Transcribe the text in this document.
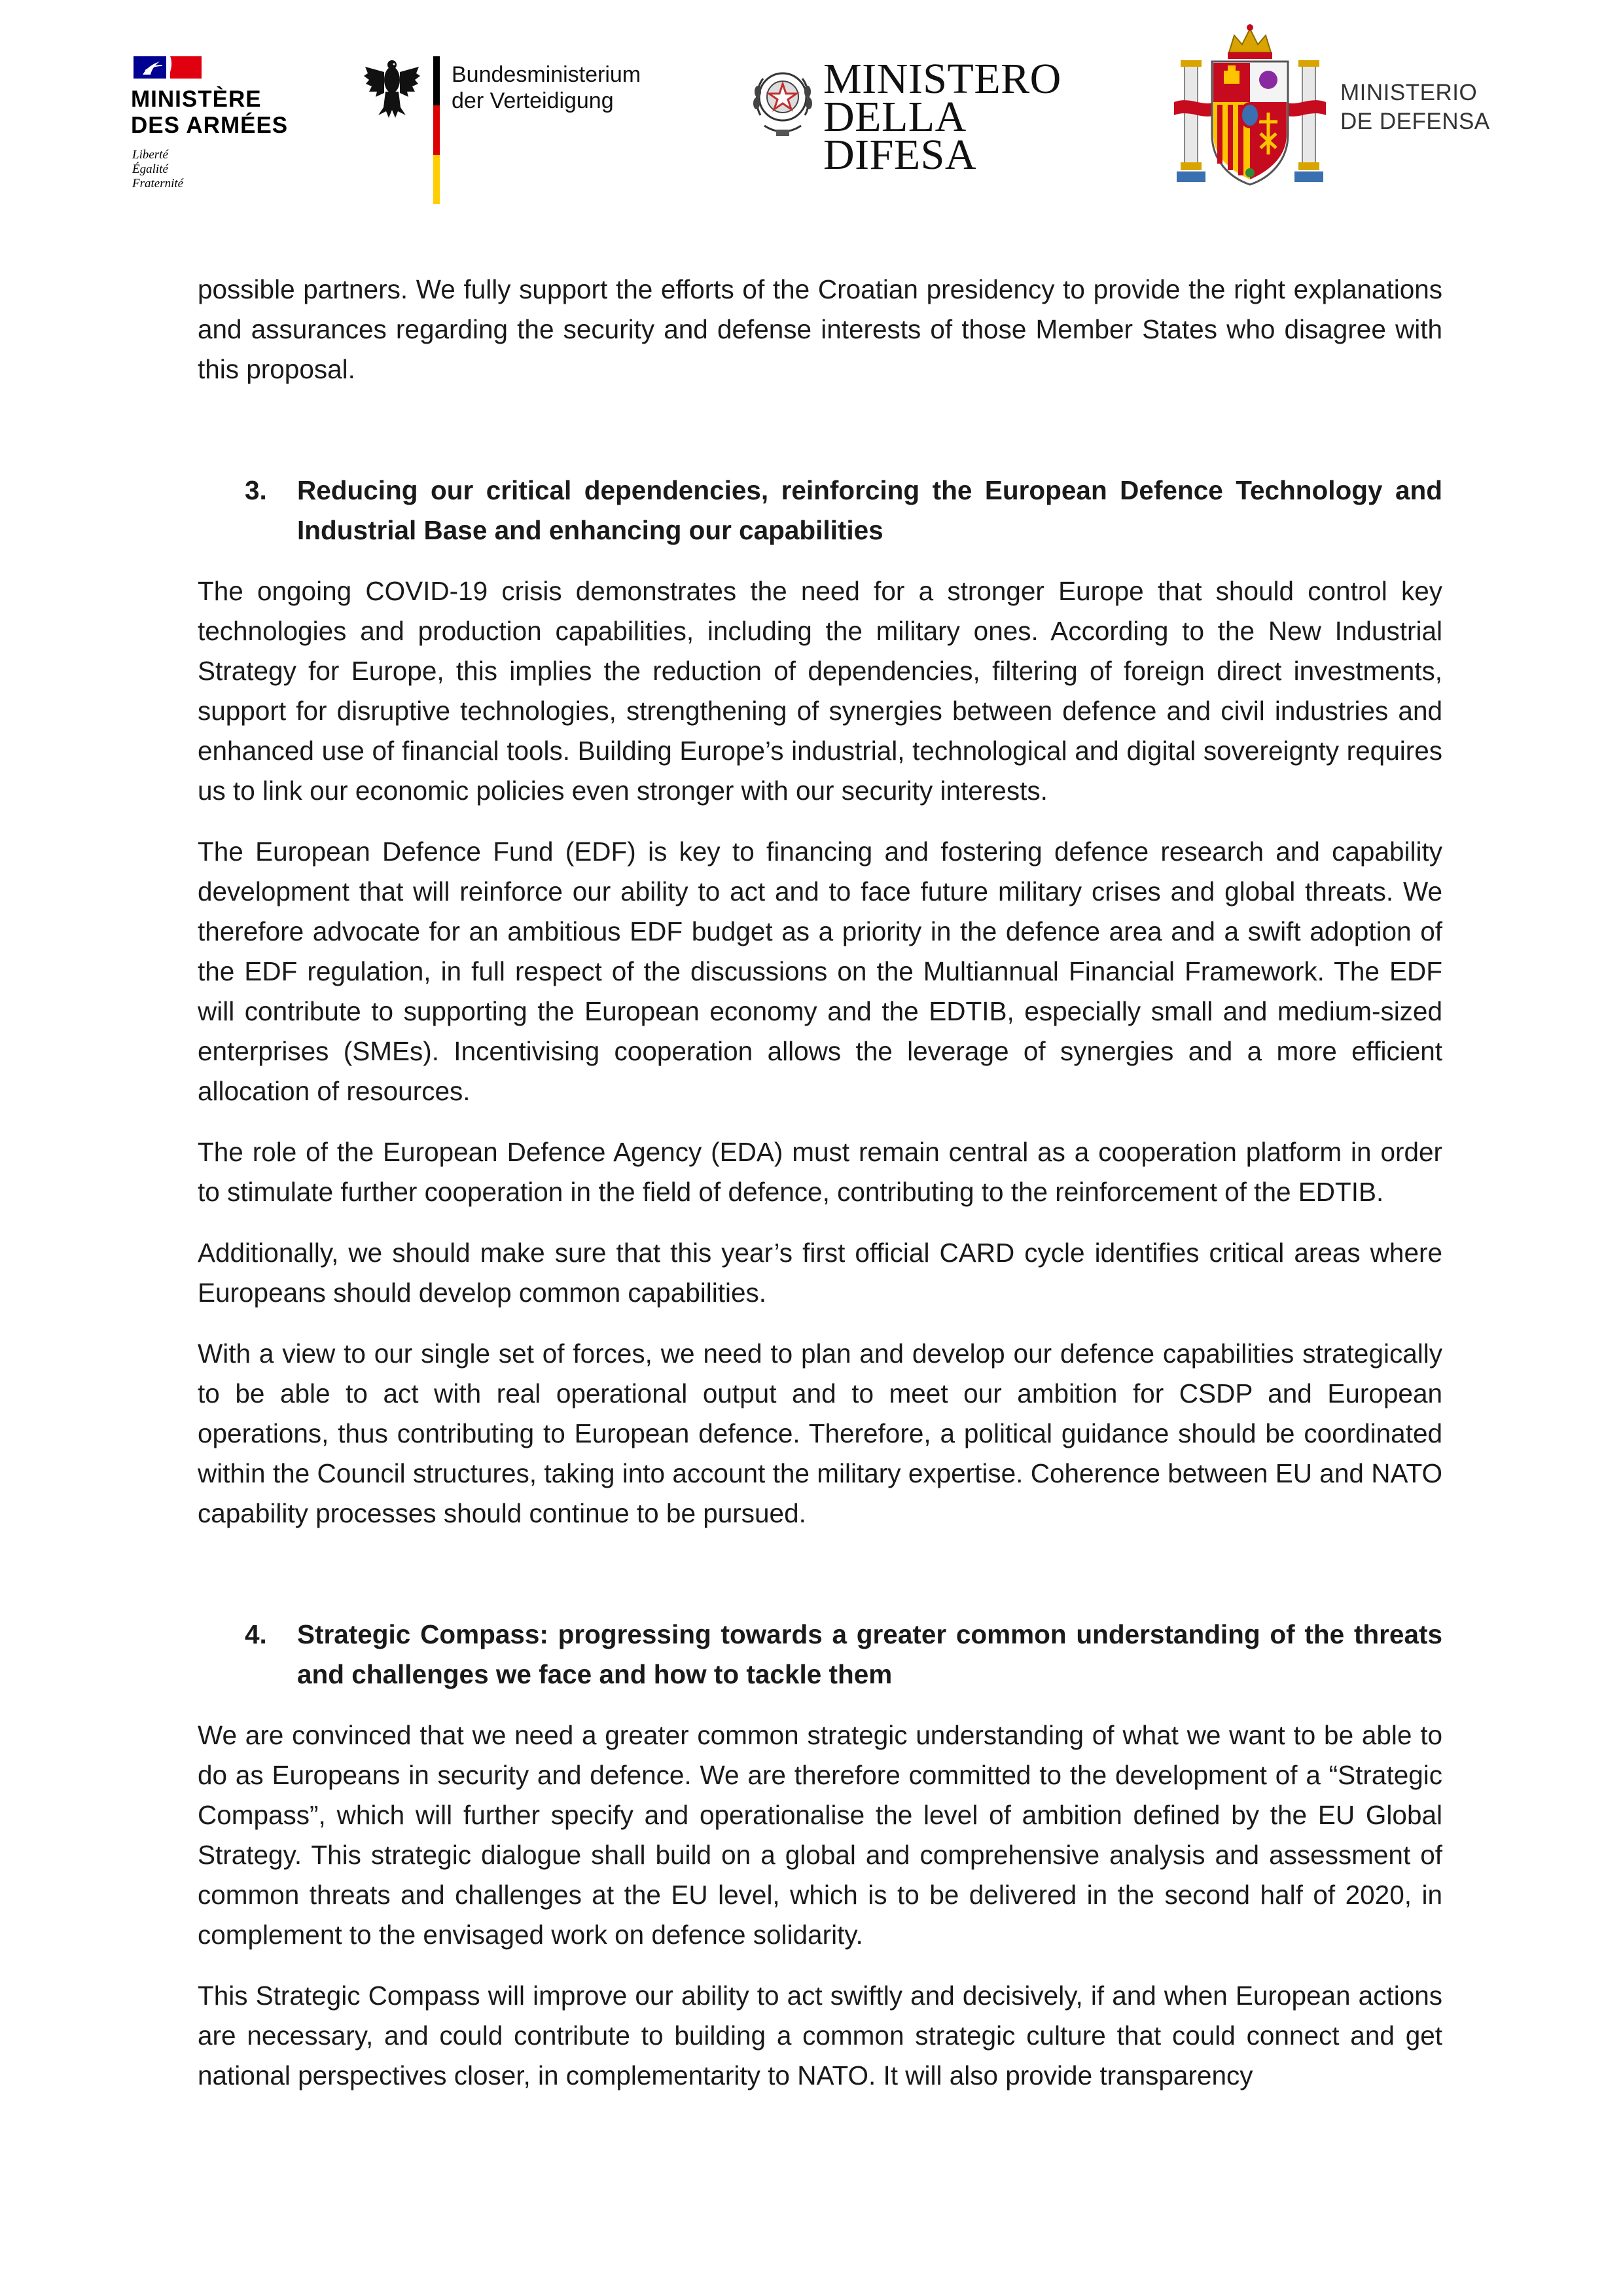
MINISTÈRE
DES ARMÉES
Liberté
Égalité
Fraternité
Bundesministerium
der Verteidigung	MINISTERO
DELLA DIFESA
MINISTERIO
DE DEFENSA

possible partners. We fully support the efforts of the Croatian presidency to provide the right explanations and assurances regarding the security and defense interests of those Member States who disagree with this proposal.

3.	Reducing our critical dependencies, reinforcing the European Defence Technology and Industrial Base and enhancing our capabilities

The ongoing COVID-19 crisis demonstrates the need for a stronger Europe that should control key technologies and production capabilities, including the military ones. According to the New Industrial Strategy for Europe, this implies the reduction of dependencies, filtering of foreign direct investments, support for disruptive technologies, strengthening of synergies between defence and civil industries and enhanced use of financial tools. Building Europe’s industrial, technological and digital sovereignty requires us to link our economic policies even stronger with our security interests.

The European Defence Fund (EDF) is key to financing and fostering defence research and capability development that will reinforce our ability to act and to face future military crises and global threats. We therefore advocate for an ambitious EDF budget as a priority in the defence area and a swift adoption of the EDF regulation, in full respect of the discussions on the Multiannual Financial Framework. The EDF will contribute to supporting the European economy and the EDTIB, especially small and medium-sized enterprises (SMEs). Incentivising cooperation allows the leverage of synergies and a more efficient allocation of resources.

The role of the European Defence Agency (EDA) must remain central as a cooperation platform in order to stimulate further cooperation in the field of defence, contributing to the reinforcement of the EDTIB.

Additionally, we should make sure that this year’s first official CARD cycle identifies critical areas where Europeans should develop common capabilities.

With a view to our single set of forces, we need to plan and develop our defence capabilities strategically to be able to act with real operational output and to meet our ambition for CSDP and European operations, thus contributing to European defence. Therefore, a political guidance should be coordinated within the Council structures, taking into account the military expertise. Coherence between EU and NATO capability processes should continue to be pursued.

4.	Strategic Compass: progressing towards a greater common understanding of the threats and challenges we face and how to tackle them

We are convinced that we need a greater common strategic understanding of what we want to be able to do as Europeans in security and defence. We are therefore committed to the development of a “Strategic Compass”, which will further specify and operationalise the level of ambition defined by the EU Global Strategy. This strategic dialogue shall build on a global and comprehensive analysis and assessment of common threats and challenges at the EU level, which is to be delivered in the second half of 2020, in complement to the envisaged work on defence solidarity.

This Strategic Compass will improve our ability to act swiftly and decisively, if and when European actions are necessary, and could contribute to building a common strategic culture that could connect and get national perspectives closer, in complementarity to NATO. It will also provide transparency
